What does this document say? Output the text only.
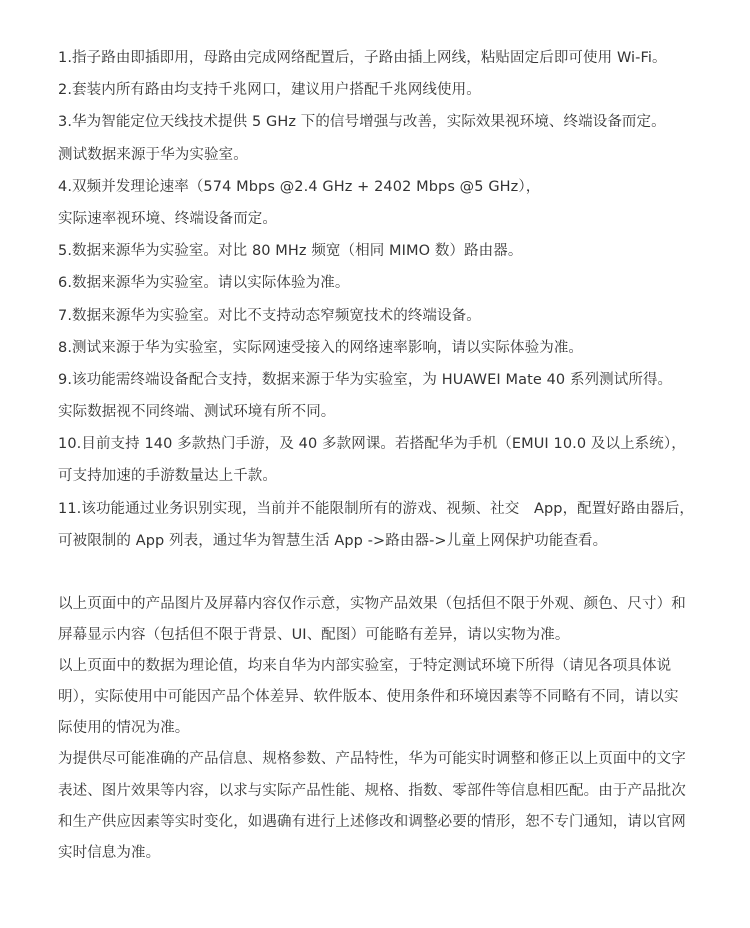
1.指子路由即插即用，母路由完成网络配置后，子路由插上网线，粘贴固定后即可使用 Wi-Fi。
2.套装内所有路由均支持千兆网口，建议用户搭配千兆网线使用。
3.华为智能定位天线技术提供 5 GHz 下的信号增强与改善，实际效果视环境、终端设备而定。
测试数据来源于华为实验室。
4.双频并发理论速率（574 Mbps @2.4 GHz + 2402 Mbps @5 GHz），
实际速率视环境、终端设备而定。
5.数据来源华为实验室。对比 80 MHz 频宽（相同 MIMO 数）路由器。
6.数据来源华为实验室。请以实际体验为准。
7.数据来源华为实验室。对比不支持动态窄频宽技术的终端设备。
8.测试来源于华为实验室，实际网速受接入的网络速率影响，请以实际体验为准。
9.该功能需终端设备配合支持，数据来源于华为实验室，为 HUAWEI Mate 40 系列测试所得。
实际数据视不同终端、测试环境有所不同。
10.目前支持 140 多款热门手游，及 40 多款网课。若搭配华为手机（EMUI 10.0 及以上系统），
可支持加速的手游数量达上千款。
11.该功能通过业务识别实现，当前并不能限制所有的游戏、视频、社交　App，配置好路由器后，
可被限制的 App 列表，通过华为智慧生活 App ->路由器->儿童上网保护功能查看。
以上页面中的产品图片及屏幕内容仅作示意，实物产品效果（包括但不限于外观、颜色、尺寸）和
屏幕显示内容（包括但不限于背景、UI、配图）可能略有差异，请以实物为准。
以上页面中的数据为理论值，均来自华为内部实验室，于特定测试环境下所得（请见各项具体说
明），实际使用中可能因产品个体差异、软件版本、使用条件和环境因素等不同略有不同，请以实
际使用的情况为准。
为提供尽可能准确的产品信息、规格参数、产品特性，华为可能实时调整和修正以上页面中的文字
表述、图片效果等内容，以求与实际产品性能、规格、指数、零部件等信息相匹配。由于产品批次
和生产供应因素等实时变化，如遇确有进行上述修改和调整必要的情形，恕不专门通知，请以官网
实时信息为准。
